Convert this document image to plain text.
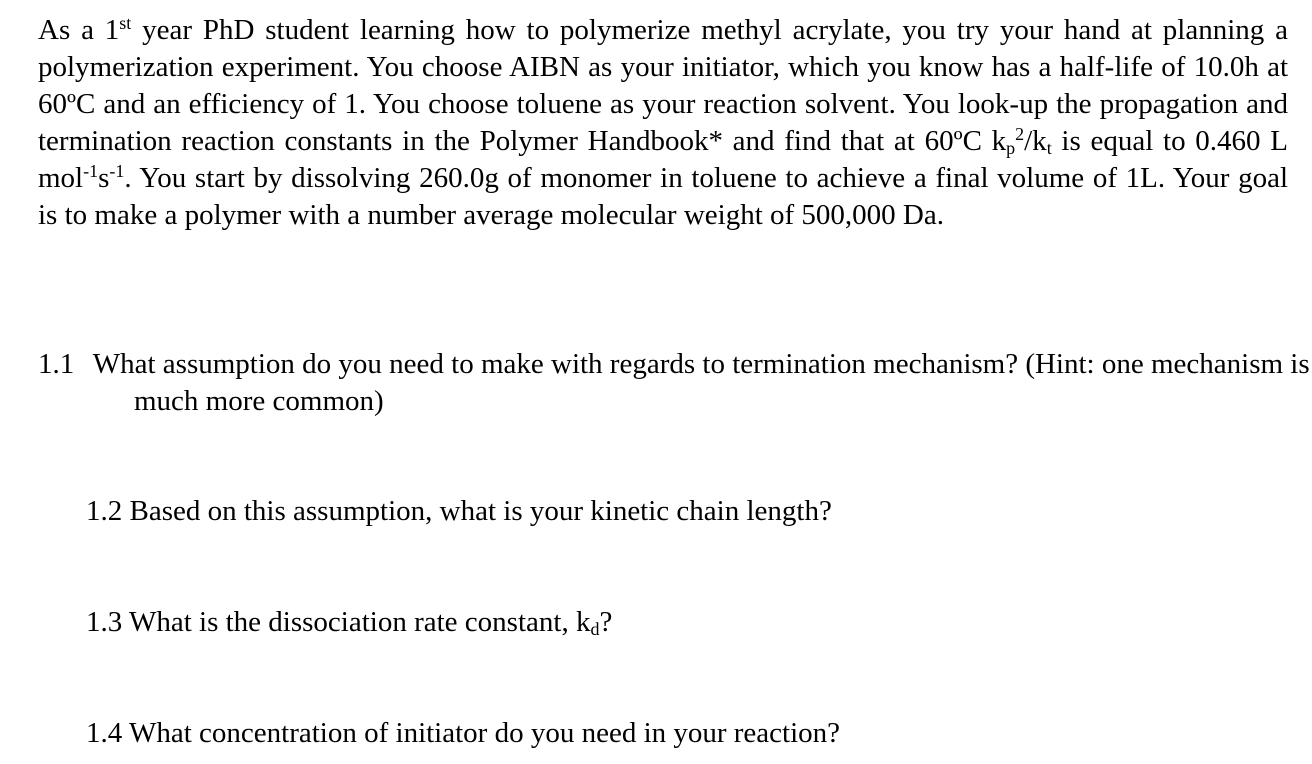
As a 1st year PhD student learning how to polymerize methyl acrylate, you try your hand at planning a polymerization experiment. You choose AIBN as your initiator, which you know has a half-life of 10.0h at 60ºC and an efficiency of 1. You choose toluene as your reaction solvent. You look-up the propagation and termination reaction constants in the Polymer Handbook* and find that at 60ºC $k_p^2/k_t$ is equal to 0.460 L $mol^{-1}s^{-1}$. You start by dissolving 260.0g of monomer in toluene to achieve a final volume of 1L. Your goal is to make a polymer with a number average molecular weight of 500,000 Da.

1.1 What assumption do you need to make with regards to termination mechanism? (Hint: one mechanism is much more common)

1.2 Based on this assumption, what is your kinetic chain length?

1.3 What is the dissociation rate constant, $k_d$?

1.4 What concentration of initiator do you need in your reaction?
